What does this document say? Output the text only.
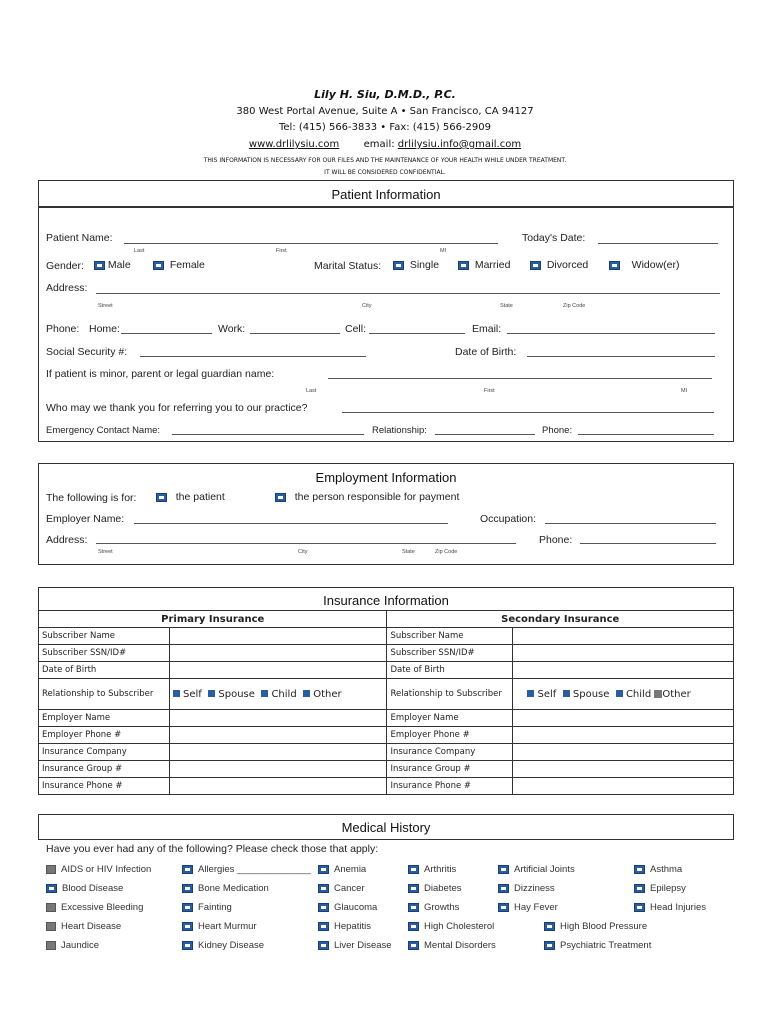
Lily H. Siu, D.M.D., P.C.
380 West Portal Avenue, Suite A • San Francisco, CA 94127
Tel: (415) 566-3833 • Fax: (415) 566-2909
www.drlilysiu.com email: drlilysiu.info@gmail.com
THIS INFORMATION IS NECESSARY FOR OUR FILES AND THE MAINTENANCE OF YOUR HEALTH WHILE UNDER TREATMENT.
IT WILL BE CONSIDERED CONFIDENTIAL.
Patient Information
Patient Name:
Last	First	MI
Today's Date:
Gender:	Male	Female	Marital Status:	Single	Married	Divorced	Widow(er)
Address:
Street	City	State	Zip Code
Phone: Home:	Work:	Cell:	Email:
Social Security #:	Date of Birth:
If patient is minor, parent or legal guardian name:
Last	First	MI
Who may we thank you for referring you to our practice?
Emergency Contact Name:	Relationship:	Phone:
Employment Information
The following is for:	the patient	the person responsible for payment
Employer Name:	Occupation:
Address:	Phone:
Street	City	State	Zip Code
Insurance Information
Primary Insurance		Secondary Insurance	
Subscriber Name		Subscriber Name	
Subscriber SSN/ID#		Subscriber SSN/ID#	
Date of Birth		Date of Birth	
Relationship to Subscriber	Self Spouse Child Other	Relationship to Subscriber	Self Spouse Child Other
Employer Name		Employer Name	
Employer Phone #		Employer Phone #	
Insurance Company		Insurance Company	
Insurance Group #		Insurance Group #	
Insurance Phone #		Insurance Phone #	
Medical History
Have you ever had any of the following? Please check those that apply:
AIDS or HIV Infection	Allergies ______________	Anemia	Arthritis	Artificial Joints	Asthma
Blood Disease	Bone Medication	Cancer	Diabetes	Dizziness	Epilepsy
Excessive Bleeding	Fainting	Glaucoma	Growths	Hay Fever	Head Injuries
Heart Disease	Heart Murmur	Hepatitis	High Cholesterol	High Blood Pressure
Jaundice	Kidney Disease	Liver Disease	Mental Disorders	Psychiatric Treatment
